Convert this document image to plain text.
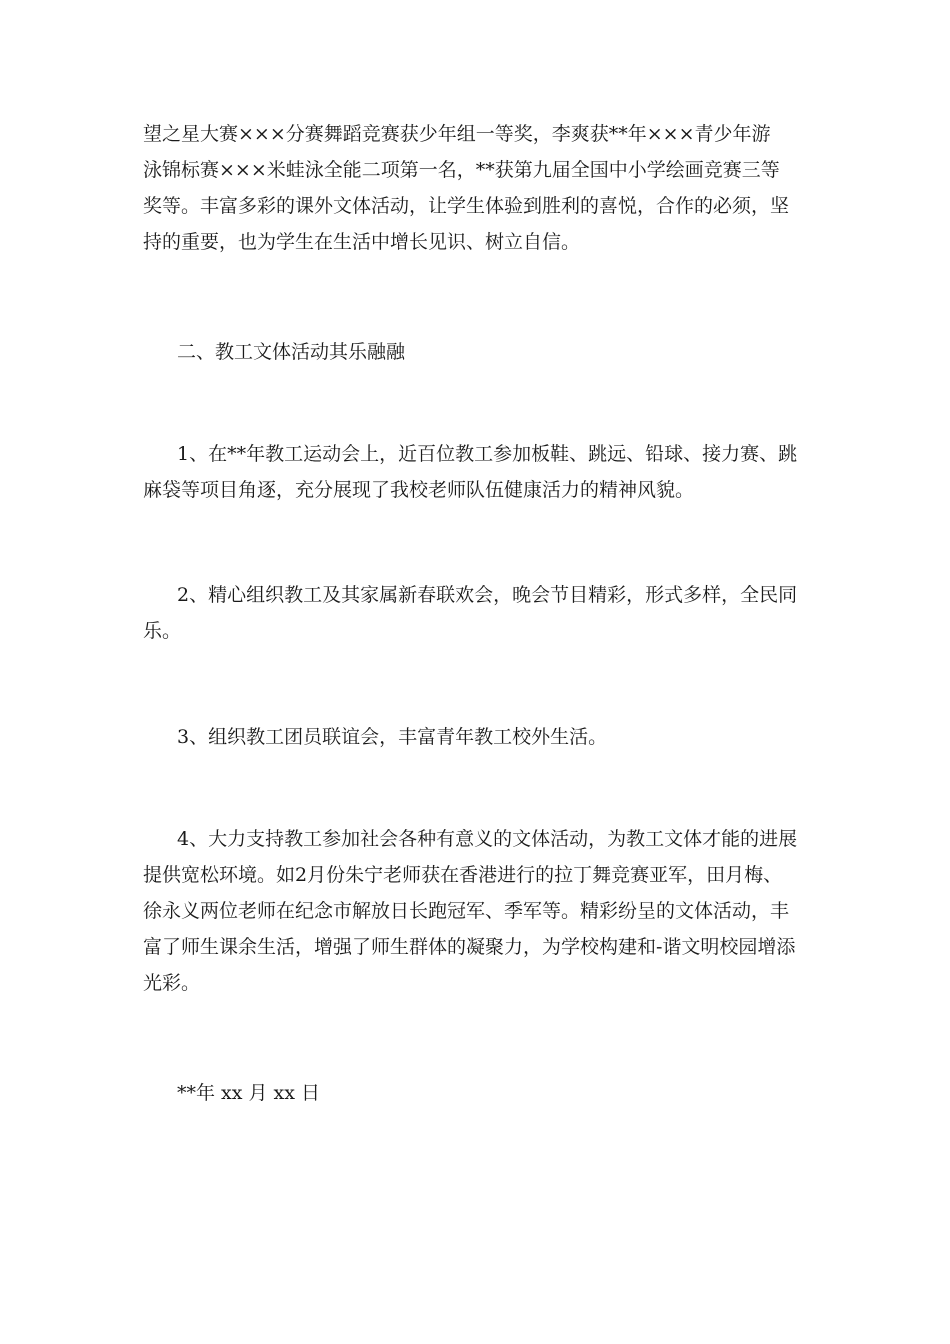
望之星大赛×××分赛舞蹈竞赛获少年组一等奖，李爽获**年×××青少年游
泳锦标赛×××米蛙泳全能二项第一名，**获第九届全国中小学绘画竞赛三等
奖等。丰富多彩的课外文体活动，让学生体验到胜利的喜悦，合作的必须，坚
持的重要，也为学生在生活中增长见识、树立自信。

二、教工文体活动其乐融融

1、在**年教工运动会上，近百位教工参加板鞋、跳远、铅球、接力赛、跳
麻袋等项目角逐，充分展现了我校老师队伍健康活力的精神风貌。

2、精心组织教工及其家属新春联欢会，晚会节目精彩，形式多样，全民同
乐。

3、组织教工团员联谊会，丰富青年教工校外生活。

4、大力支持教工参加社会各种有意义的文体活动，为教工文体才能的进展
提供宽松环境。如2月份朱宁老师获在香港进行的拉丁舞竞赛亚军，田月梅、
徐永义两位老师在纪念市解放日长跑冠军、季军等。精彩纷呈的文体活动，丰
富了师生课余生活，增强了师生群体的凝聚力，为学校构建和-谐文明校园增添
光彩。

**年 xx 月 xx 日
